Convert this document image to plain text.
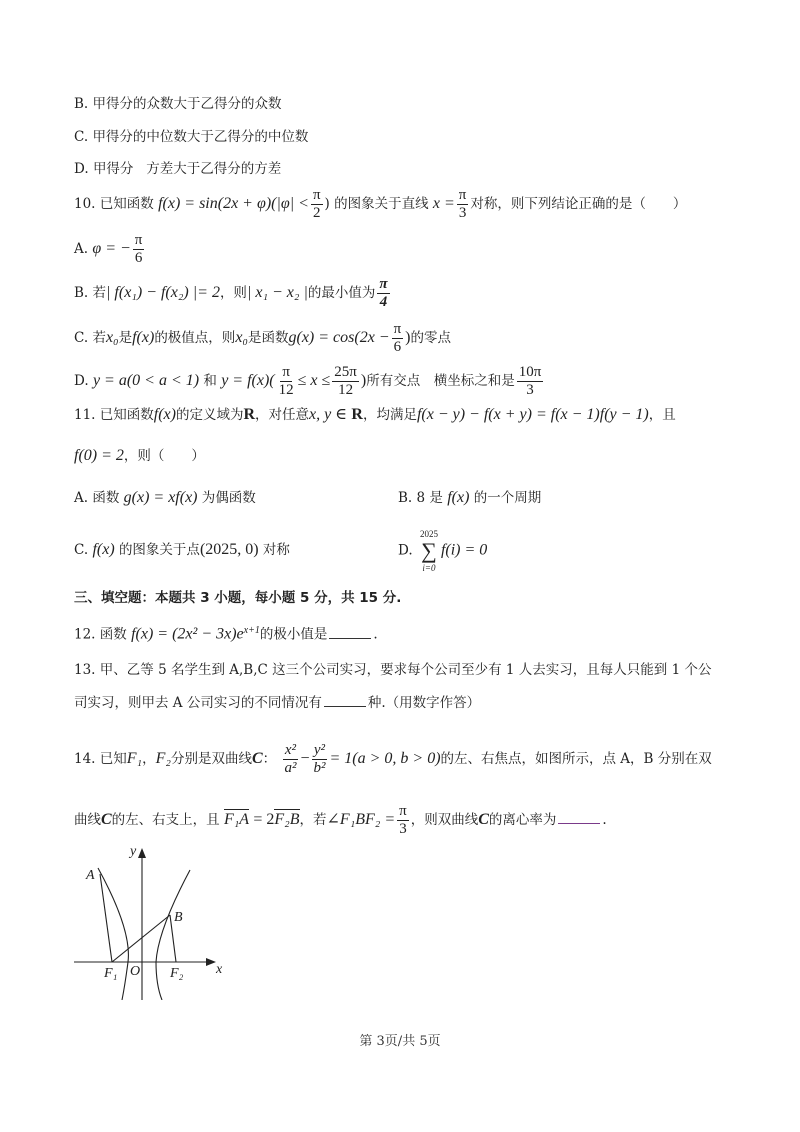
B. 甲得分的众数大于乙得分的众数
C. 甲得分的中位数大于乙得分的中位数
D. 甲得分   方差大于乙得分的方差
10. 已知函数 $f(x) = \sin(2x + \varphi)(|\varphi| < \frac{\pi}{2}$ ) 的图象关于直线 $x = \frac{\pi}{3}$ 对称，则下列结论正确的是（　　）
A. φ = − $\frac{\pi}{6}$
B. 若| f(x₁) − f(x₂) |= 2，则| x₁ − x₂ |的最小值为 $\frac{\pi}{4}$
C. 若x₀是f(x)的极值点，则x₀是函数$g(x) = \cos(2x - \frac{\pi}{6}$ )的零点
D. y = a(0 < a < 1) 和 $y = f(x)( \frac{\pi}{12} \le x \le \frac{25\pi}{12}$ )所有交点　横坐标之和是 $\frac{10\pi}{3}$
11. 已知函数f(x)的定义域为R，对任意x, y ∈ R，均满足f(x − y) − f(x + y) = f(x − 1)f(y − 1)，且
f(0) = 2，则（　　）
A. 函数 g(x) = xf(x) 为偶函数	B. 8 是 f(x) 的一个周期
C. f(x) 的图象关于点(2025, 0) 对称	D.
2025
∑
i=0
f(i) = 0
三、填空题：本题共 3 小题，每小题 5 分，共 15 分.
12. 函数 $f(x) = (2x^2 - 3x)e^{x+1}$的极小值是	.
13. 甲、乙等 5 名学生到 A,B,C 这三个公司实习，要求每个公司至少有 1 人去实习，且每人只能到 1 个公
司实习，则甲去 A 公司实习的不同情况有	种.（用数字作答）
14. 已知F₁，F₂分别是双曲线C： $\frac{\text{x²}}{\text{a²}} - \frac{\text{y²}}{\text{b²}} = 1(a > 0$, b > 0)的左、右焦点，如图所示，点 A，B 分别在双
曲线C的左、右支上，且 F₁A = 2F₂B，若∠F₁BF₂ = $\frac{\pi}{3}$ ，则双曲线C的离心率为	.
A
B
F₁ O F₂ x
y
第 3页/共 5页
